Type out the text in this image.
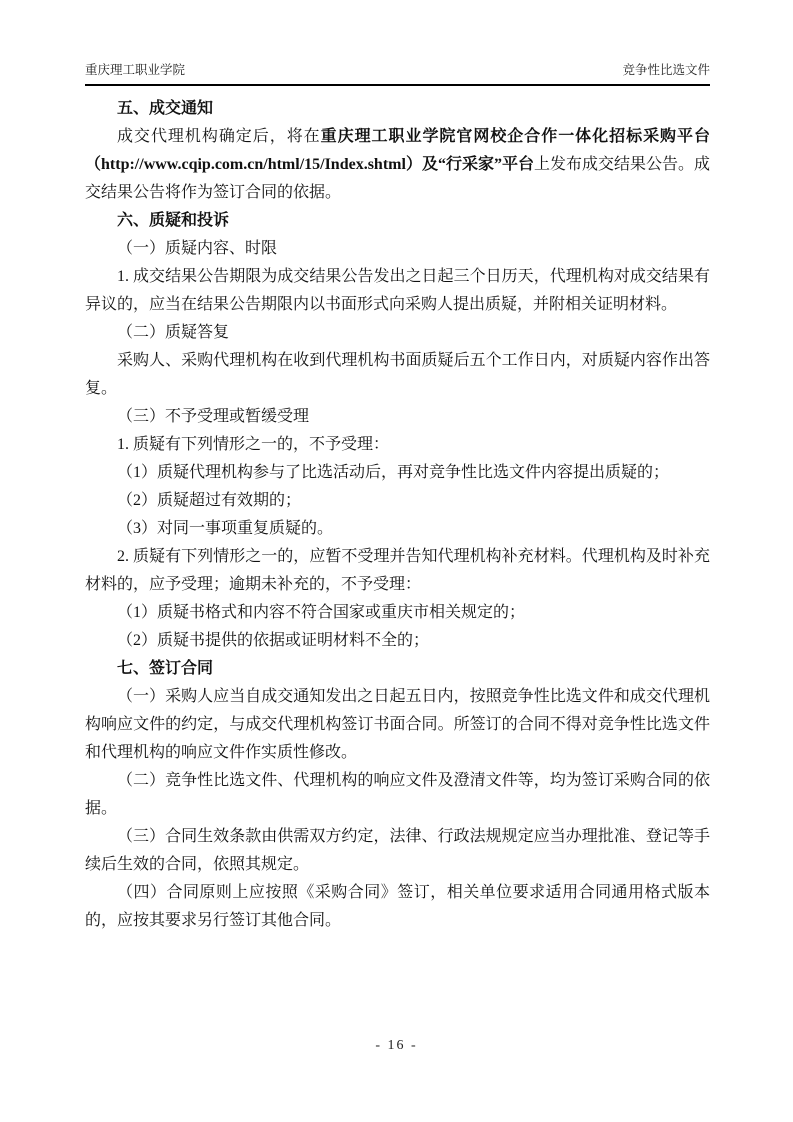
重庆理工职业学院	竞争性比选文件

五、成交通知

成交代理机构确定后，将在重庆理工职业学院官网校企合作一体化招标采购平台（http://www.cqip.com.cn/html/15/Index.shtml）及“行采家”平台上发布成交结果公告。成交结果公告将作为签订合同的依据。

六、质疑和投诉

（一）质疑内容、时限

1. 成交结果公告期限为成交结果公告发出之日起三个日历天，代理机构对成交结果有异议的，应当在结果公告期限内以书面形式向采购人提出质疑，并附相关证明材料。

（二）质疑答复

采购人、采购代理机构在收到代理机构书面质疑后五个工作日内，对质疑内容作出答复。

（三）不予受理或暂缓受理

1. 质疑有下列情形之一的，不予受理：

（1）质疑代理机构参与了比选活动后，再对竞争性比选文件内容提出质疑的；

（2）质疑超过有效期的；

（3）对同一事项重复质疑的。

2. 质疑有下列情形之一的，应暂不受理并告知代理机构补充材料。代理机构及时补充材料的，应予受理；逾期未补充的，不予受理：

（1）质疑书格式和内容不符合国家或重庆市相关规定的；

（2）质疑书提供的依据或证明材料不全的；

七、签订合同

（一）采购人应当自成交通知发出之日起五日内，按照竞争性比选文件和成交代理机构响应文件的约定，与成交代理机构签订书面合同。所签订的合同不得对竞争性比选文件和代理机构的响应文件作实质性修改。

（二）竞争性比选文件、代理机构的响应文件及澄清文件等，均为签订采购合同的依据。

（三）合同生效条款由供需双方约定，法律、行政法规规定应当办理批准、登记等手续后生效的合同，依照其规定。

（四）合同原则上应按照《采购合同》签订，相关单位要求适用合同通用格式版本的，应按其要求另行签订其他合同。

- 16 -
